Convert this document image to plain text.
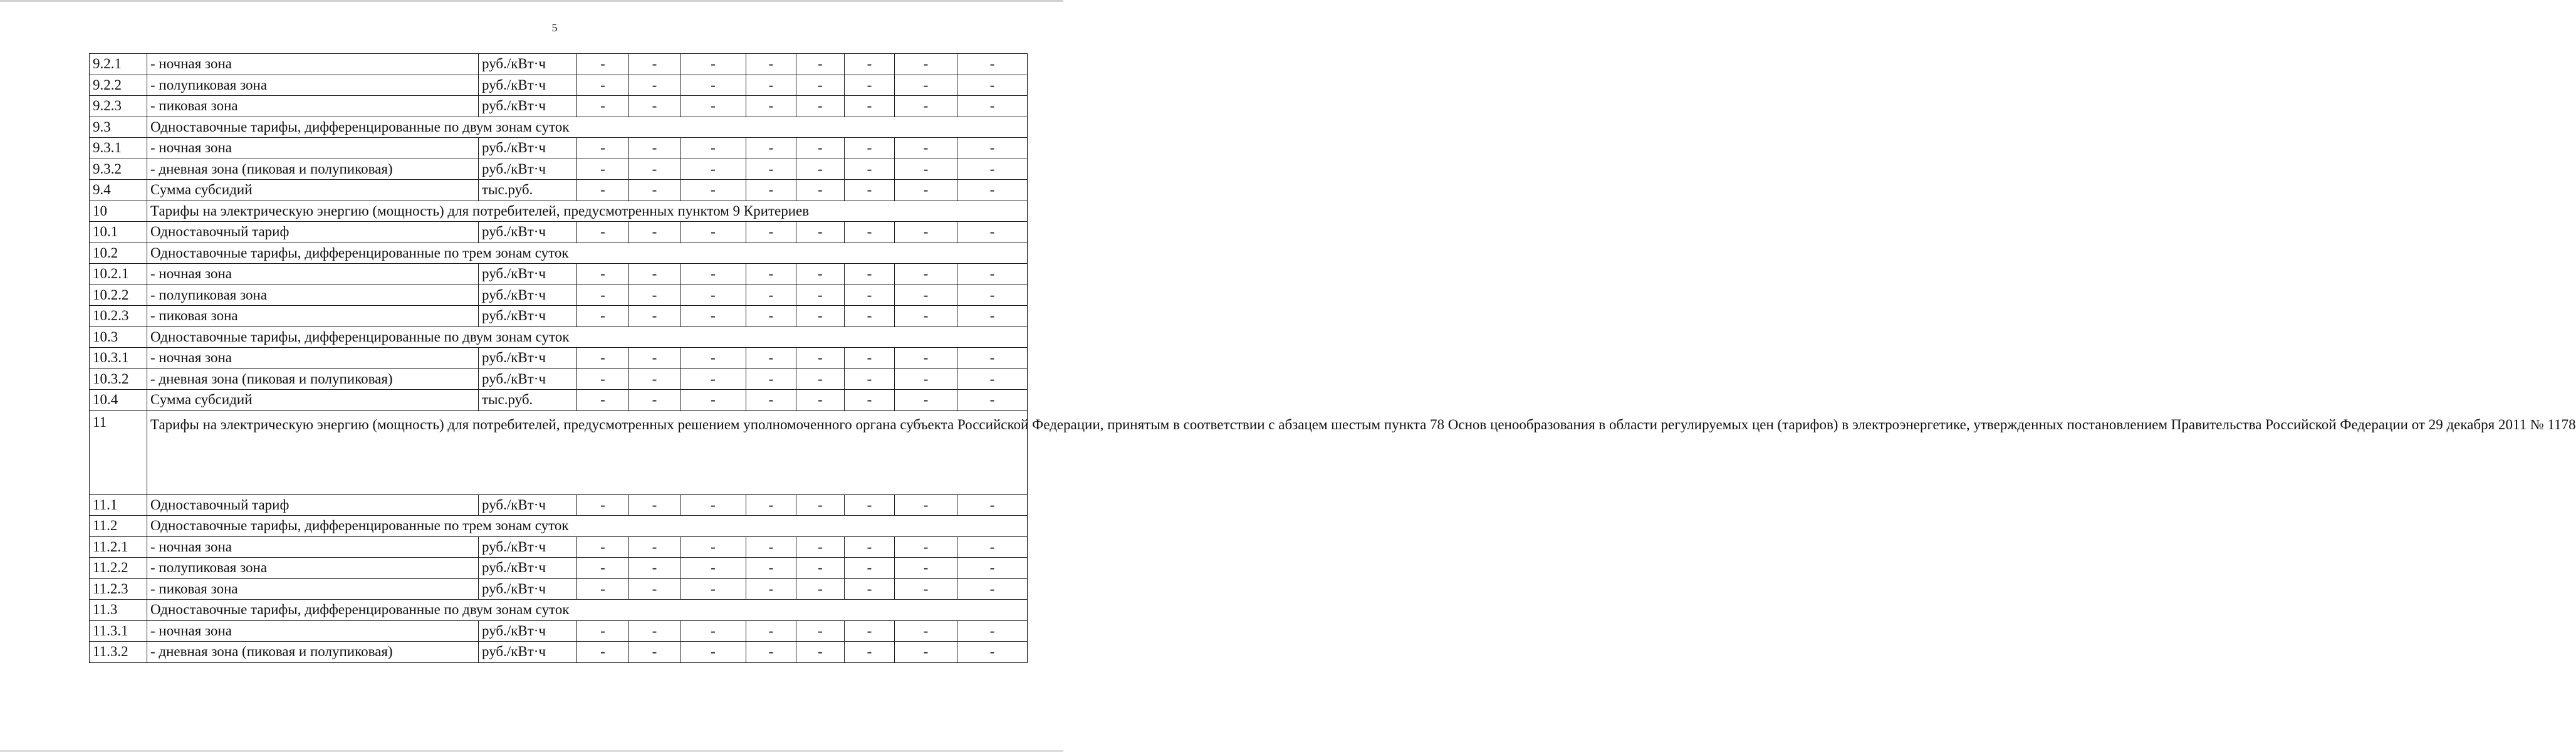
5
9.2.1	- ночная зона	руб./кВт·ч	-	-	-	-	-	-	-	-
9.2.2	- полупиковая зона	руб./кВт·ч	-	-	-	-	-	-	-	-
9.2.3	- пиковая зона	руб./кВт·ч	-	-	-	-	-	-	-	-
9.3	Одноставочные тарифы, дифференцированные по двум зонам суток									
9.3.1	- ночная зона	руб./кВт·ч	-	-	-	-	-	-	-	-
9.3.2	- дневная зона (пиковая и полупиковая)	руб./кВт·ч	-	-	-	-	-	-	-	-
9.4	Сумма субсидий	тыс.руб.	-	-	-	-	-	-	-	-
10	Тарифы на электрическую энергию (мощность) для потребителей, предусмотренных пунктом 9 Критериев									
10.1	Одноставочный тариф	руб./кВт·ч	-	-	-	-	-	-	-	-
10.2	Одноставочные тарифы, дифференцированные по трем зонам суток									
10.2.1	- ночная зона	руб./кВт·ч	-	-	-	-	-	-	-	-
10.2.2	- полупиковая зона	руб./кВт·ч	-	-	-	-	-	-	-	-
10.2.3	- пиковая зона	руб./кВт·ч	-	-	-	-	-	-	-	-
10.3	Одноставочные тарифы, дифференцированные по двум зонам суток									
10.3.1	- ночная зона	руб./кВт·ч	-	-	-	-	-	-	-	-
10.3.2	- дневная зона (пиковая и полупиковая)	руб./кВт·ч	-	-	-	-	-	-	-	-
10.4	Сумма субсидий	тыс.руб.	-	-	-	-	-	-	-	-
11	Тарифы на электрическую энергию (мощность) для потребителей, предусмотренных решением уполномоченного органа субъекта Российской Федерации, принятым в соответствии с абзацем шестым пункта 78 Основ ценообразования в области регулируемых цен (тарифов) в электроэнергетике, утвержденных постановлением Правительства Российской Федерации от 29 декабря 2011 № 1178									
11.1	Одноставочный тариф	руб./кВт·ч	-	-	-	-	-	-	-	-
11.2	Одноставочные тарифы, дифференцированные по трем зонам суток									
11.2.1	- ночная зона	руб./кВт·ч	-	-	-	-	-	-	-	-
11.2.2	- полупиковая зона	руб./кВт·ч	-	-	-	-	-	-	-	-
11.2.3	- пиковая зона	руб./кВт·ч	-	-	-	-	-	-	-	-
11.3	Одноставочные тарифы, дифференцированные по двум зонам суток									
11.3.1	- ночная зона	руб./кВт·ч	-	-	-	-	-	-	-	-
11.3.2	- дневная зона (пиковая и полупиковая)	руб./кВт·ч	-	-	-	-	-	-	-	-
